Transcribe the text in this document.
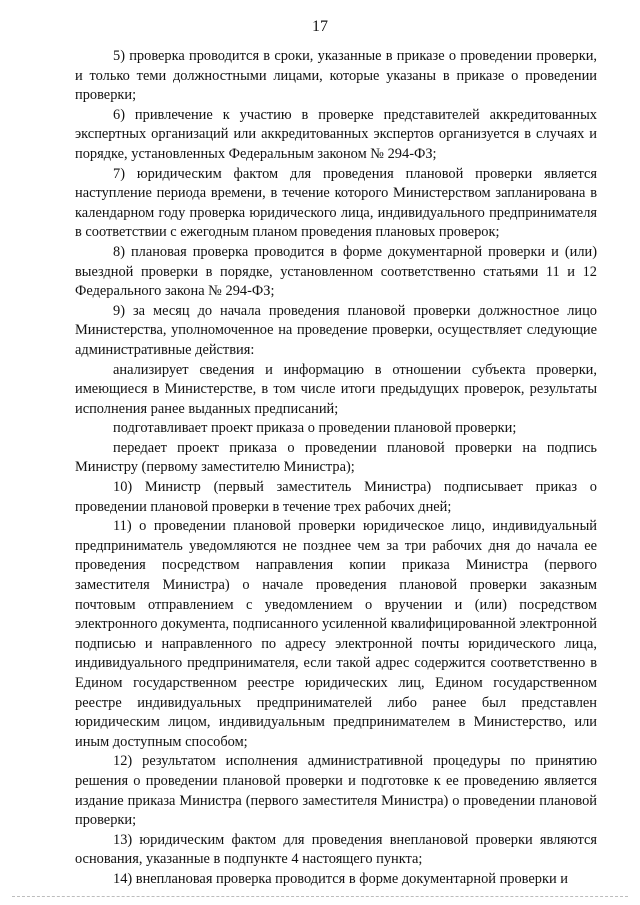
17

5) проверка проводится в сроки, указанные в приказе о проведении проверки, и только теми должностными лицами, которые указаны в приказе о проведении проверки;

6) привлечение к участию в проверке представителей аккредитованных экспертных организаций или аккредитованных экспертов организуется в случаях и порядке, установленных Федеральным законом № 294-ФЗ;

7) юридическим фактом для проведения плановой проверки является наступление периода времени, в течение которого Министерством запланирована в календарном году проверка юридического лица, индивидуального предпринимателя в соответствии с ежегодным планом проведения плановых проверок;

8) плановая проверка проводится в форме документарной проверки и (или) выездной проверки в порядке, установленном соответственно статьями 11 и 12 Федерального закона № 294-ФЗ;

9) за месяц до начала проведения плановой проверки должностное лицо Министерства, уполномоченное на проведение проверки, осуществляет следующие административные действия:

анализирует сведения и информацию в отношении субъекта проверки, имеющиеся в Министерстве, в том числе итоги предыдущих проверок, результаты исполнения ранее выданных предписаний;

подготавливает проект приказа о проведении плановой проверки;

передает проект приказа о проведении плановой проверки на подпись Министру (первому заместителю Министра);

10) Министр (первый заместитель Министра) подписывает приказ о проведении плановой проверки в течение трех рабочих дней;

11) о проведении плановой проверки юридическое лицо, индивидуальный предприниматель уведомляются не позднее чем за три рабочих дня до начала ее проведения посредством направления копии приказа Министра (первого заместителя Министра) о начале проведения плановой проверки заказным почтовым отправлением с уведомлением о вручении и (или) посредством электронного документа, подписанного усиленной квалифицированной электронной подписью и направленного по адресу электронной почты юридического лица, индивидуального предпринимателя, если такой адрес содержится соответственно в Едином государственном реестре юридических лиц, Едином государственном реестре индивидуальных предпринимателей либо ранее был представлен юридическим лицом, индивидуальным предпринимателем в Министерство, или иным доступным способом;

12) результатом исполнения административной процедуры по принятию решения о проведении плановой проверки и подготовке к ее проведению является издание приказа Министра (первого заместителя Министра) о проведении плановой проверки;

13) юридическим фактом для проведения внеплановой проверки являются основания, указанные в подпункте 4 настоящего пункта;

14) внеплановая проверка проводится в форме документарной проверки и
